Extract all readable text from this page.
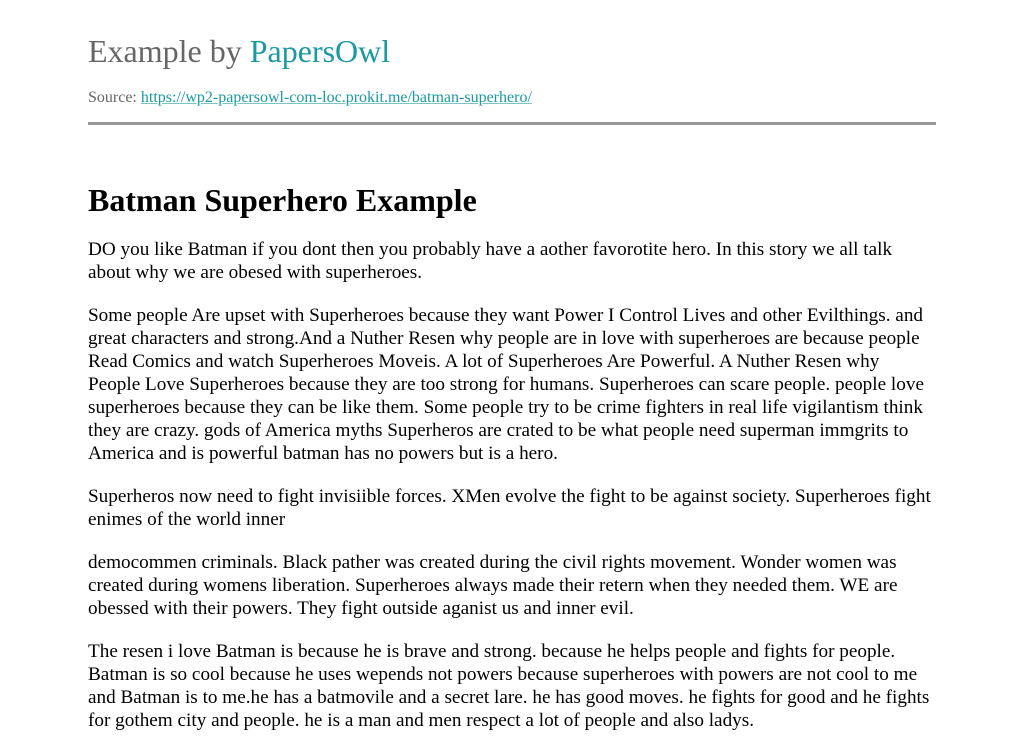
Example by PapersOwl
Source: https://wp2-papersowl-com-loc.prokit.me/batman-superhero/
Batman Superhero Example

DO you like Batman if you dont then you probably have a aother favorotite hero. In this story we all talk about why we are obesed with superheroes.

Some people Are upset with Superheroes because they want Power I Control Lives and other Evilthings. and great characters and strong.And a Nuther Resen why people are in love with superheroes are because people Read Comics and watch Superheroes Moveis. A lot of Superheroes Are Powerful. A Nuther Resen why People Love Superheroes because they are too strong for humans. Superheroes can scare people. people love superheroes because they can be like them. Some people try to be crime fighters in real life vigilantism think they are crazy. gods of America myths Superheros are crated to be what people need superman immgrits to America and is powerful batman has no powers but is a hero.

Superheros now need to fight invisiible forces. XMen evolve the fight to be against society. Superheroes fight enimes of the world inner

democommen criminals. Black pather was created during the civil rights movement. Wonder women was created during womens liberation. Superheroes always made their retern when they needed them. WE are obessed with their powers. They fight outside aganist us and inner evil.

The resen i love Batman is because he is brave and strong. because he helps people and fights for people. Batman is so cool because he uses wepends not powers because superheroes with powers are not cool to me and Batman is to me.he has a batmovile and a secret lare. he has good moves. he fights for good and he fights for gothem city and people. he is a man and men respect a lot of people and also ladys.
